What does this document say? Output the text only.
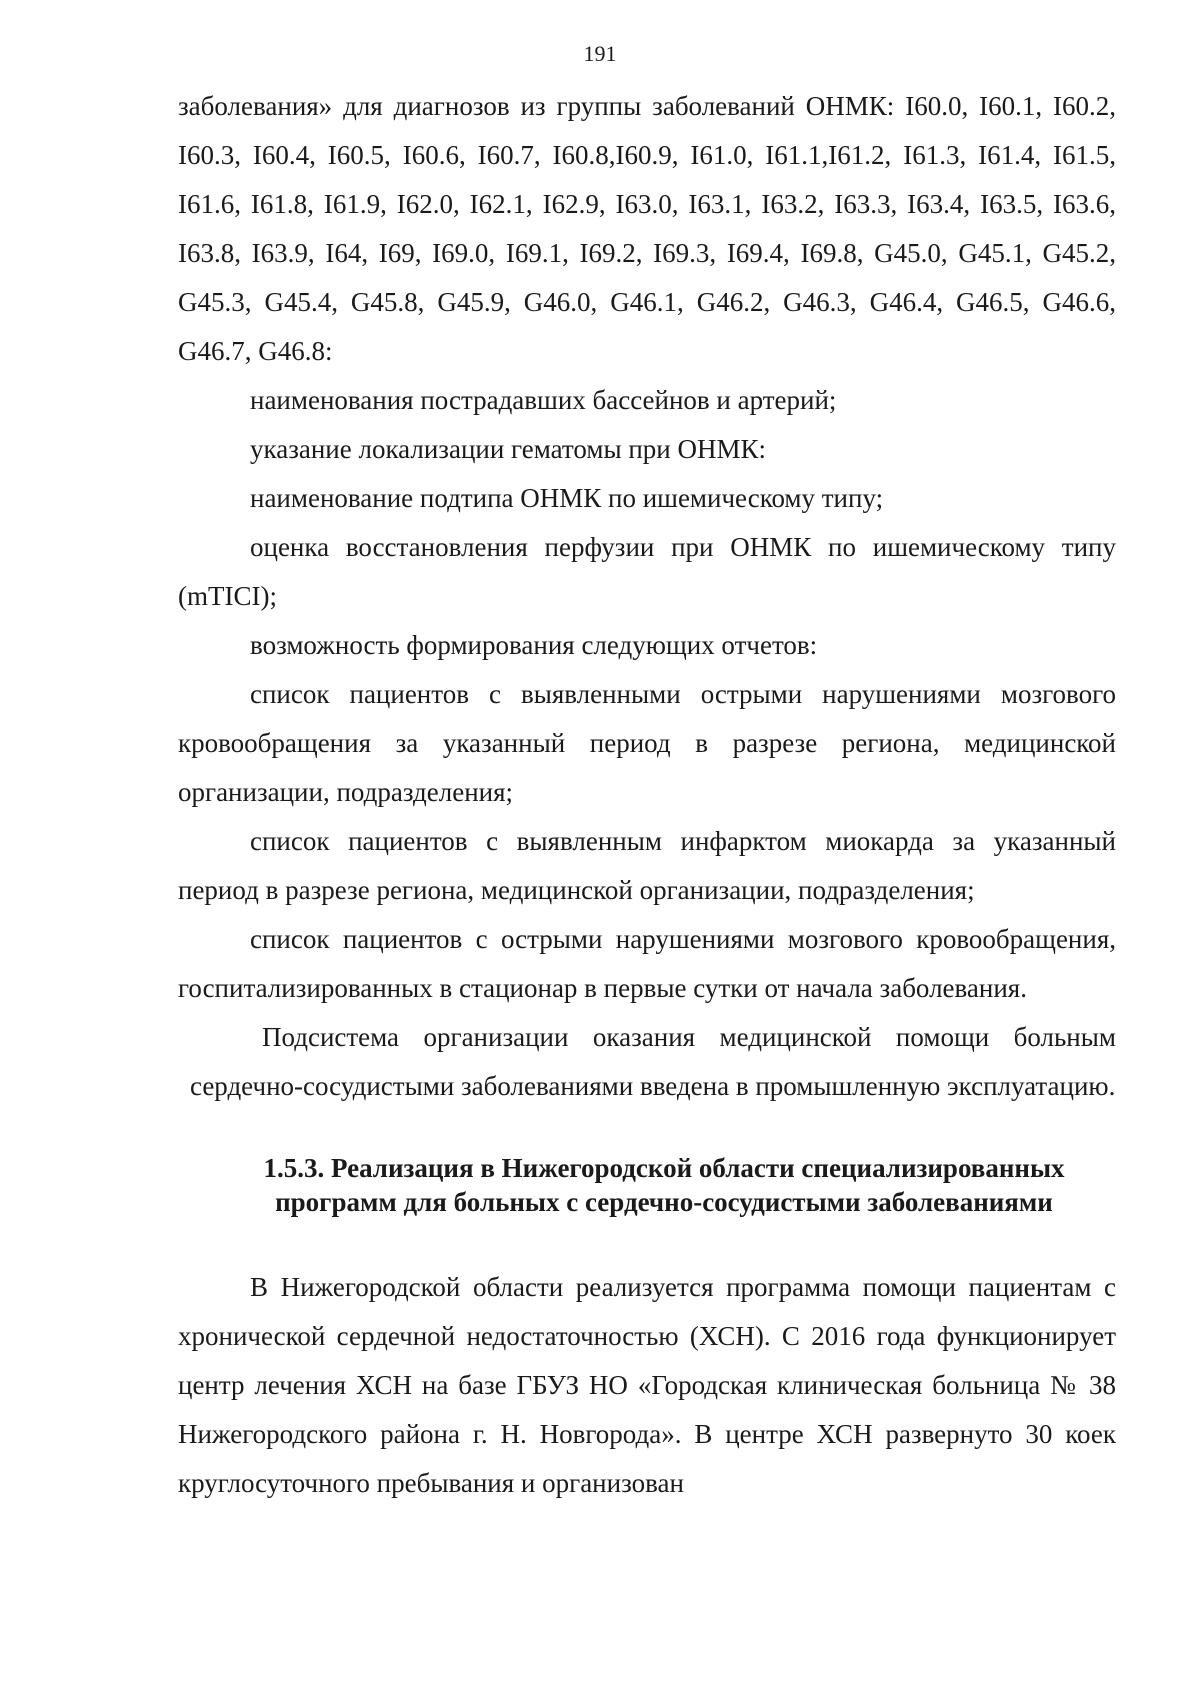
191

заболевания» для диагнозов из группы заболеваний ОНМК: I60.0, I60.1, I60.2, I60.3, I60.4, I60.5, I60.6, I60.7, I60.8,I60.9, I61.0, I61.1,I61.2, I61.3, I61.4, I61.5, I61.6, I61.8, I61.9, I62.0, I62.1, I62.9, I63.0, I63.1, I63.2, I63.3, I63.4, I63.5, I63.6, I63.8, I63.9, I64, I69, I69.0, I69.1, I69.2, I69.3, I69.4, I69.8, G45.0, G45.1, G45.2, G45.3, G45.4, G45.8, G45.9, G46.0, G46.1, G46.2, G46.3, G46.4, G46.5, G46.6, G46.7, G46.8:

наименования пострадавших бассейнов и артерий;

указание локализации гематомы при ОНМК:

наименование подтипа ОНМК по ишемическому типу;

оценка восстановления перфузии при ОНМК по ишемическому типу (mTICI);

возможность формирования следующих отчетов:

список пациентов с выявленными острыми нарушениями мозгового кровообращения за указанный период в разрезе региона, медицинской организации, подразделения;

список пациентов с выявленным инфарктом миокарда за указанный период в разрезе региона, медицинской организации, подразделения;

список пациентов с острыми нарушениями мозгового кровообращения, госпитализированных в стационар в первые сутки от начала заболевания.

Подсистема организации оказания медицинской помощи больным сердечно-сосудистыми заболеваниями введена в промышленную эксплуатацию.

1.5.3. Реализация в Нижегородской области специализированных
программ для больных с сердечно-сосудистыми заболеваниями

В Нижегородской области реализуется программа помощи пациентам с хронической сердечной недостаточностью (ХСН). С 2016 года функционирует центр лечения ХСН на базе ГБУЗ НО «Городская клиническая больница № 38 Нижегородского района г. Н. Новгорода». В центре ХСН развернуто 30 коек круглосуточного пребывания и организован
